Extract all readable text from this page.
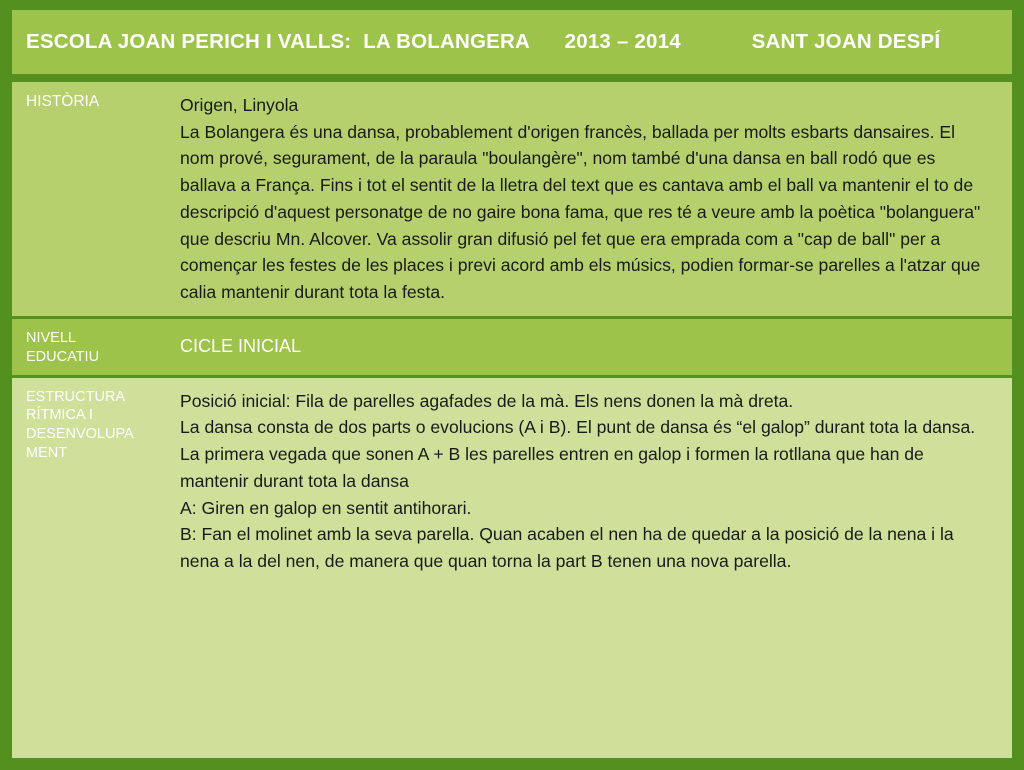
ESCOLA JOAN PERICH I VALLS:  LA BOLANGERA      2013 – 2014            SANT JOAN DESPÍ
HISTÒRIA	Origen, Linyola

La Bolangera és una dansa, probablement d'origen francès, ballada per molts esbarts dansaires. El nom prové, segurament, de la paraula "boulangère", nom també d'una dansa en ball rodó que es ballava a França. Fins i tot el sentit de la lletra del text que es cantava amb el ball va mantenir el to de descripció d'aquest personatge de no gaire bona fama, que res té a veure amb la poètica "bolanguera" que descriu Mn. Alcover. Va assolir gran difusió pel fet que era emprada com a "cap de ball" per a començar les festes de les places i previ acord amb els músics, podien formar-se parelles a l'atzar que calia mantenir durant tota la festa.

NIVELL
EDUCATIU
CICLE INICIAL
ESTRUCTURA
RÍTMICA I
DESENVOLUPA
MENT

Posició inicial: Fila de parelles agafades de la mà. Els nens donen la mà dreta.

La dansa consta de dos parts o evolucions (A i B). El punt de dansa és “el galop” durant tota la dansa.

La primera vegada que sonen A + B les parelles entren en galop i formen la rotllana que han de mantenir durant tota la dansa

A: Giren en galop en sentit antihorari.

B: Fan el molinet amb la seva parella. Quan acaben el nen ha de quedar a la posició de la nena i la nena a la del nen, de manera que quan torna la part B tenen una nova parella.
